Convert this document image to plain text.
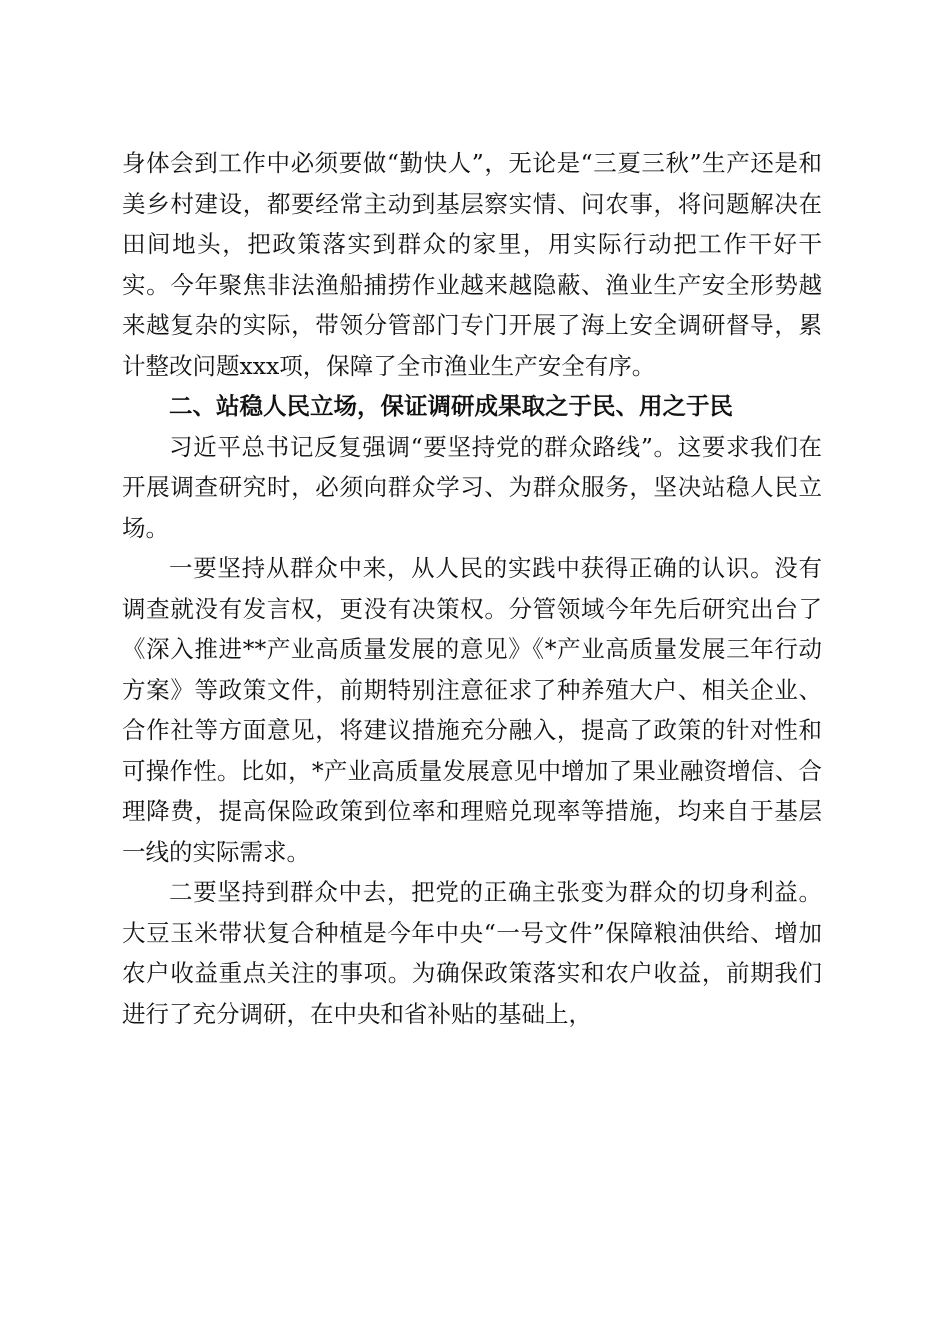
身体会到工作中必须要做“勤快人”，无论是“三夏三秋”生产还是和美乡村建设，都要经常主动到基层察实情、问农事，将问题解决在田间地头，把政策落实到群众的家里，用实际行动把工作干好干实。今年聚焦非法渔船捕捞作业越来越隐蔽、渔业生产安全形势越来越复杂的实际，带领分管部门专门开展了海上安全调研督导，累计整改问题xxx项，保障了全市渔业生产安全有序。

二、站稳人民立场，保证调研成果取之于民、用之于民

习近平总书记反复强调“要坚持党的群众路线”。这要求我们在开展调查研究时，必须向群众学习、为群众服务，坚决站稳人民立场。

一要坚持从群众中来，从人民的实践中获得正确的认识。没有调查就没有发言权，更没有决策权。分管领域今年先后研究出台了《深入推进**产业高质量发展的意见》《*产业高质量发展三年行动方案》等政策文件，前期特别注意征求了种养殖大户、相关企业、合作社等方面意见，将建议措施充分融入，提高了政策的针对性和可操作性。比如，*产业高质量发展意见中增加了果业融资增信、合理降费，提高保险政策到位率和理赔兑现率等措施，均来自于基层一线的实际需求。

二要坚持到群众中去，把党的正确主张变为群众的切身利益。大豆玉米带状复合种植是今年中央“一号文件”保障粮油供给、增加农户收益重点关注的事项。为确保政策落实和农户收益，前期我们进行了充分调研，在中央和省补贴的基础上，
